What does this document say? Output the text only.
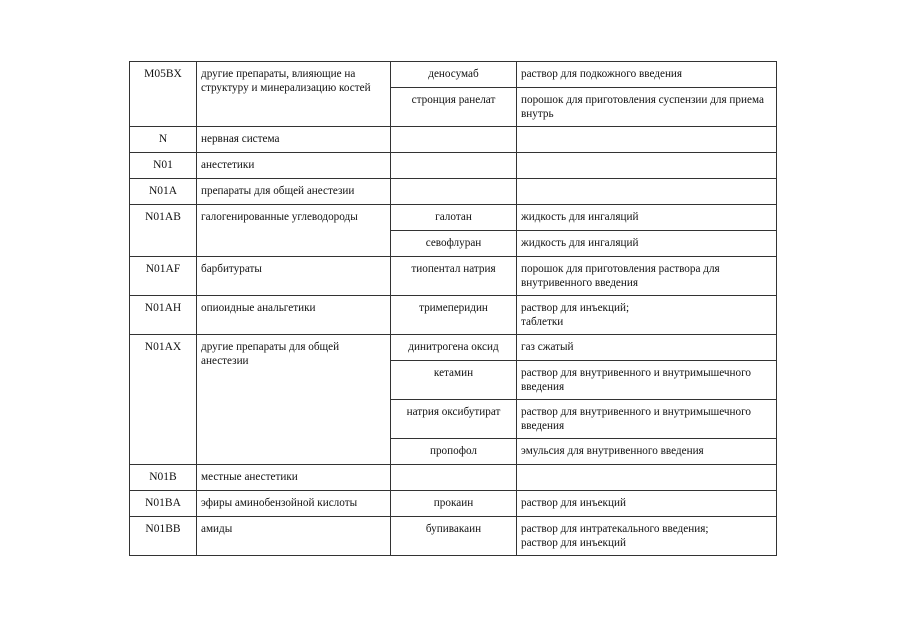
M05BX	другие препараты, влияющие на структуру и минерализацию костей	деносумаб	раствор для подкожного введения
		стронция ранелат	порошок для приготовления суспензии для приема внутрь
N	нервная система		
N01	анестетики		
N01A	препараты для общей анестезии		
N01AB	галогенированные углеводороды	галотан	жидкость для ингаляций
		севофлуран	жидкость для ингаляций
N01AF	барбитураты	тиопентал натрия	порошок для приготовления раствора для внутривенного введения
N01AH	опиоидные анальгетики	тримеперидин	раствор для инъекций;
таблетки
N01AX	другие препараты для общей анестезии	динитрогена оксид	газ сжатый
		кетамин	раствор для внутривенного и внутримышечного введения
		натрия оксибутират	раствор для внутривенного и внутримышечного введения
		пропофол	эмульсия для внутривенного введения
N01B	местные анестетики		
N01BA	эфиры аминобензойной кислоты	прокаин	раствор для инъекций
N01BB	амиды	бупивакаин	раствор для интратекального введения;
раствор для инъекций
